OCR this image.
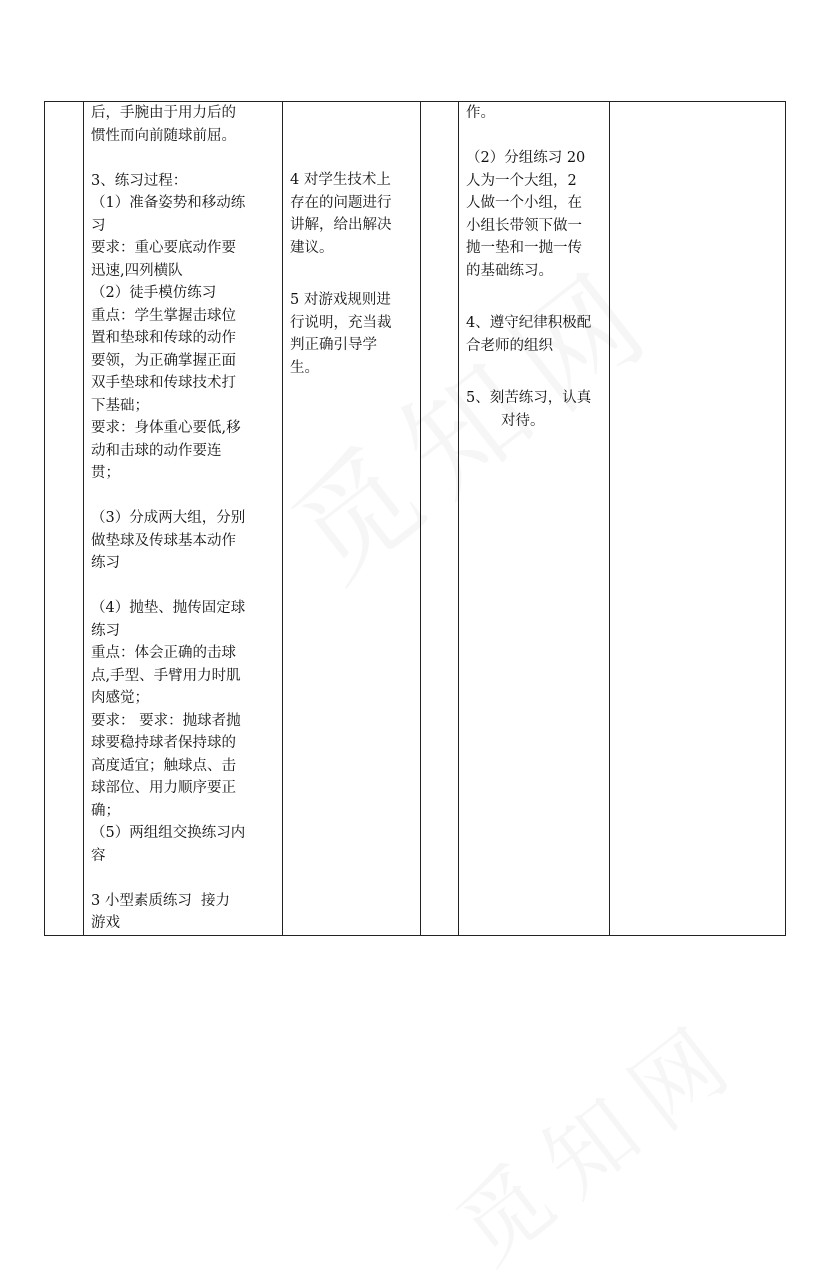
后，手腕由于用力后的
惯性而向前随球前屈。
3、练习过程：
（1）准备姿势和移动练
习
要求：重心要底动作要
迅速,四列横队
（2）徒手模仿练习
重点：学生掌握击球位
置和垫球和传球的动作
要领，为正确掌握正面
双手垫球和传球技术打
下基础；
要求：身体重心要低,移
动和击球的动作要连
贯；
（3）分成两大组，分别
做垫球及传球基本动作
练习
（4）抛垫、抛传固定球
练习
重点：体会正确的击球
点,手型、手臂用力时肌
肉感觉；
要求： 要求：抛球者抛
球要稳持球者保持球的
高度适宜；触球点、击
球部位、用力顺序要正
确；
（5）两组组交换练习内
容
3 小型素质练习  接力
游戏

4 对学生技术上
存在的问题进行
讲解，给出解决
建议。
5 对游戏规则进
行说明，充当裁
判正确引导学
生。

作。
（2）分组练习 20
人为一个大组，2
人做一个小组，在
小组长带领下做一
抛一垫和一抛一传
的基础练习。
4、遵守纪律积极配
合老师的组织
5、刻苦练习，认真
对待。
